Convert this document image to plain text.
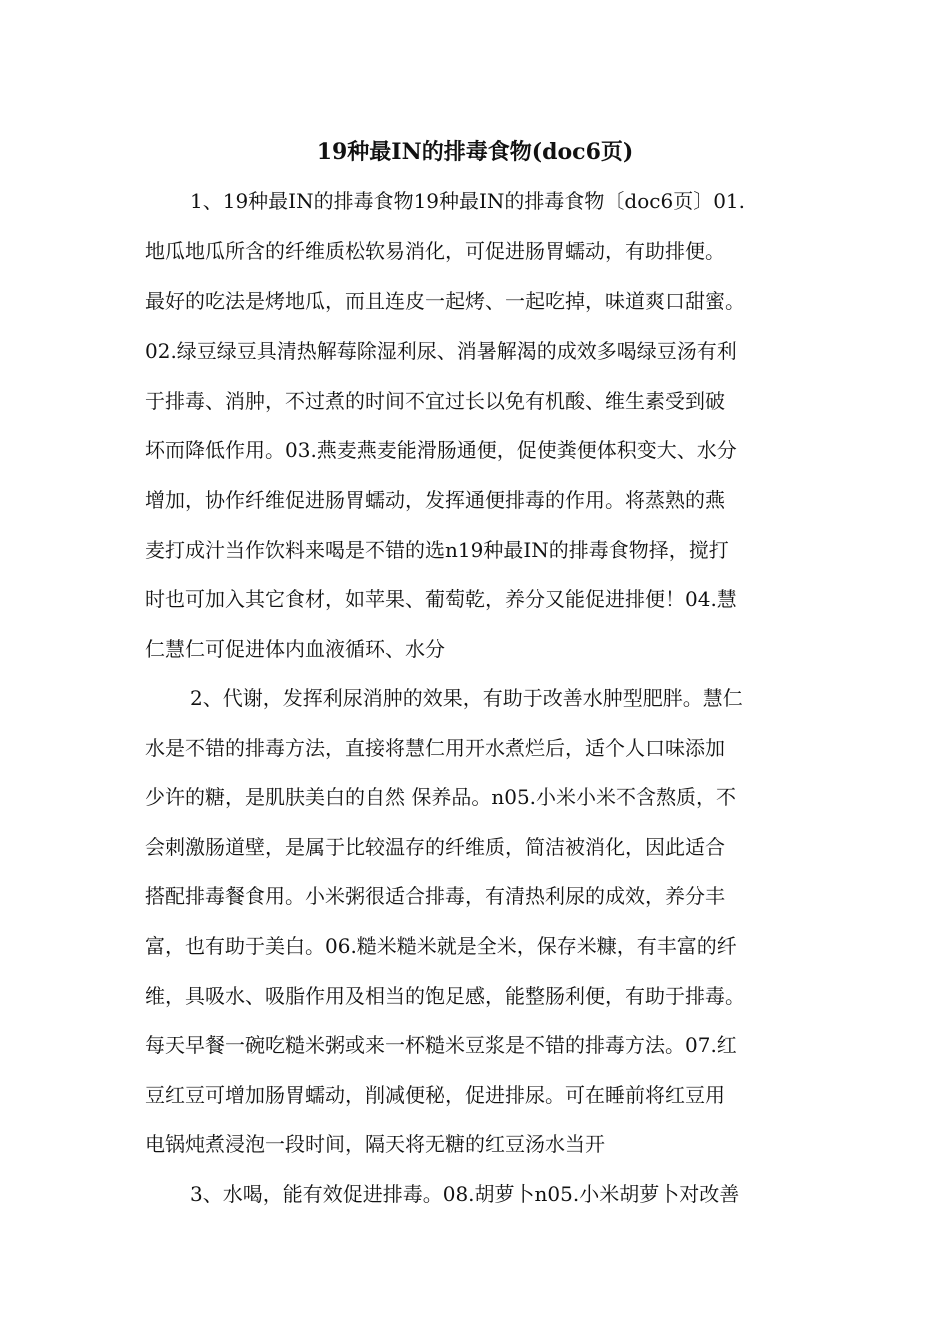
19种最IN的排毒食物(doc6页)
1、19种最IN的排毒食物19种最IN的排毒食物〔doc6页〕01.
地瓜地瓜所含的纤维质松软易消化，可促进肠胃蠕动，有助排便。
最好的吃法是烤地瓜，而且连皮一起烤、一起吃掉，味道爽口甜蜜。
02.绿豆绿豆具清热解莓除湿利尿、消暑解渴的成效多喝绿豆汤有利
于排毒、消肿，不过煮的时间不宜过长以免有机酸、维生素受到破
坏而降低作用。03.燕麦燕麦能滑肠通便，促使粪便体积变大、水分
增加，协作纤维促进肠胃蠕动，发挥通便排毒的作用。将蒸熟的燕
麦打成汁当作饮料来喝是不错的选n19种最IN的排毒食物择，搅打
时也可加入其它食材，如苹果、葡萄乾，养分又能促进排便！04.慧
仁慧仁可促进体内血液循环、水分
2、代谢，发挥利尿消肿的效果，有助于改善水肿型肥胖。慧仁
水是不错的排毒方法，直接将慧仁用开水煮烂后，适个人口味添加
少许的糖，是肌肤美白的自然 保养品。n05.小米小米不含熬质，不
会刺激肠道壁，是属于比较温存的纤维质，简洁被消化，因此适合
搭配排毒餐食用。小米粥很适合排毒，有清热利尿的成效，养分丰
富，也有助于美白。06.糙米糙米就是全米，保存米糠，有丰富的纤
维，具吸水、吸脂作用及相当的饱足感，能整肠利便，有助于排毒。
每天早餐一碗吃糙米粥或来一杯糙米豆浆是不错的排毒方法。07.红
豆红豆可增加肠胃蠕动，削减便秘，促进排尿。可在睡前将红豆用
电锅炖煮浸泡一段时间，隔天将无糖的红豆汤水当开
3、水喝，能有效促进排毒。08.胡萝卜n05.小米胡萝卜对改善
